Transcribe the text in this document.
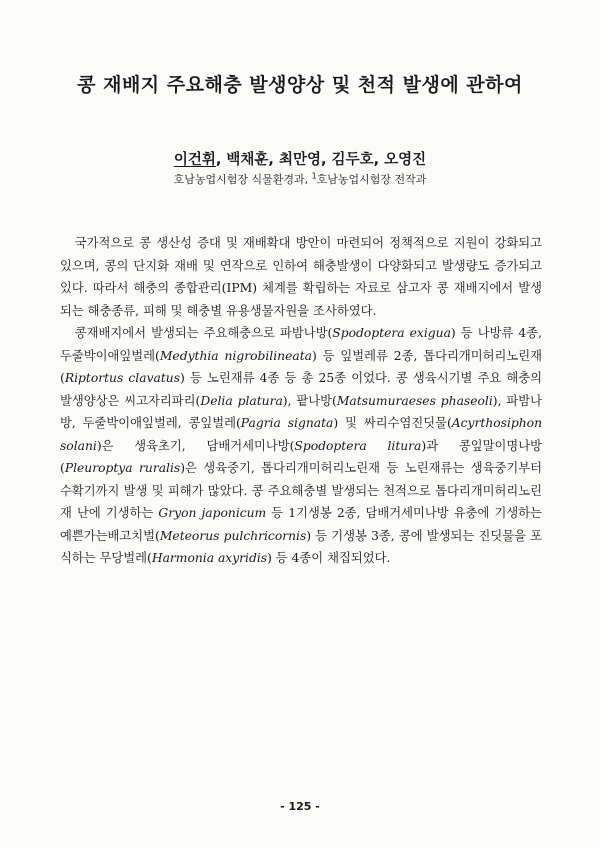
콩 재배지 주요해충 발생양상 및 천적 발생에 관하여
이건휘, 백채훈, 최만영, 김두호, 오영진
호남농업시험장 식물환경과, $^1$호남농업시험장 전작과

국가적으로 콩 생산성 증대 및 재배확대 방안이 마련되어 정책적으로 지원이 강화되고 있으며, 콩의 단지화 재배 및 연작으로 인하여 해충발생이 다양화되고 발생량도 증가되고 있다. 따라서 해충의 종합관리(IPM) 체계를 확립하는 자료로 삼고자 콩 재배지에서 발생되는 해충종류, 피해 및 해충별 유용생물자원을 조사하였다.

콩재배지에서 발생되는 주요해충으로 파밤나방(Spodoptera exigua) 등 나방류 4종, 두줄박이애잎벌레(Medythia nigrobilineata) 등 잎벌레류 2종, 톱다리개미허리노린재(Riptortus clavatus) 등 노린재류 4종 등 총 25종 이었다. 콩 생육시기별 주요 해충의 발생양상은 씨고자리파리(Delia platura), 팥나방(Matsumuraeses phaseoli), 파밤나방, 두줄박이애잎벌레, 콩잎벌레(Pagria signata) 및 싸리수염진딧물(Acyrthosiphon solani)은 생육초기, 담배거세미나방(Spodoptera litura)과 콩잎말이명나방(Pleuroptya ruralis)은 생육중기, 톱다리개미허리노린재 등 노린재류는 생육중기부터 수확기까지 발생 및 피해가 많았다. 콩 주요해충별 발생되는 천적으로 톱다리개미허리노린재 난에 기생하는 Gryon japonicum 등 1기생봉 2종, 담배거세미나방 유충에 기생하는 예쁜가는배고치벌(Meteorus pulchricornis) 등 기생봉 3종, 콩에 발생되는 진딧물을 포식하는 무당벌레(Harmonia axyridis) 등 4종이 채집되었다.

- 125 -
